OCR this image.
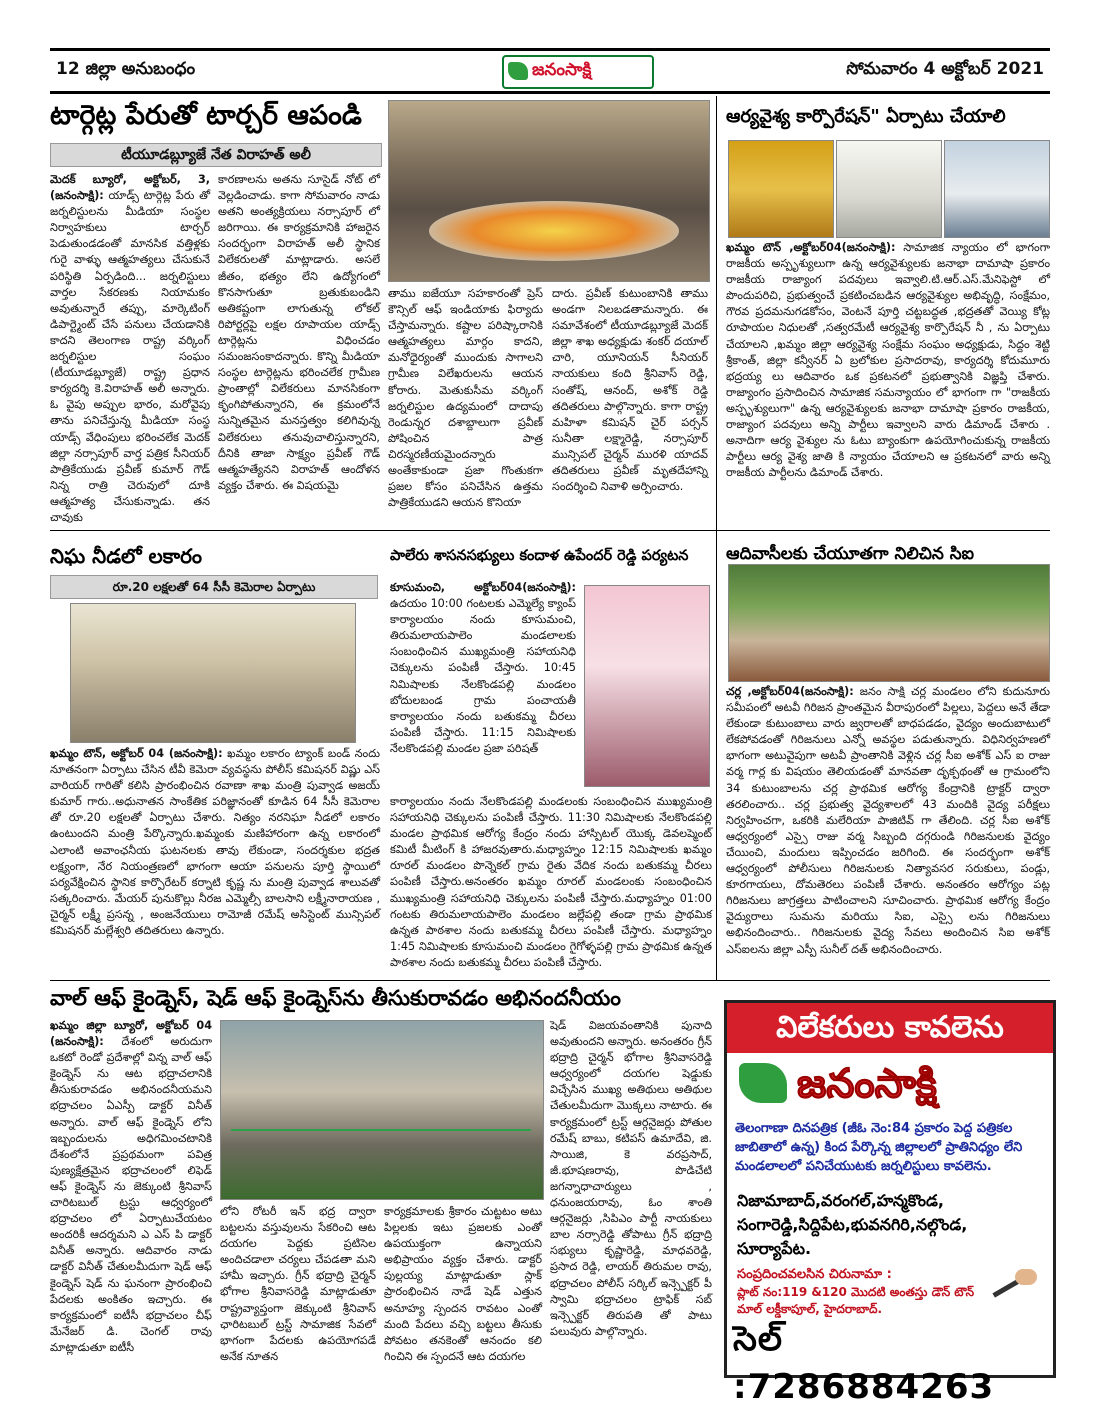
12 జిల్లా అనుబంధం	జనంసాక్షి	సోమవారం 4 అక్టోబర్ 2021
టార్గెట్ల పేరుతో టార్చర్ ఆపండి
టీయూడబ్ల్యూజే నేత విరాహత్ అలీ
మెదక్ బ్యూరో, అక్టోబర్, 3, (జనంసాక్షి): యాడ్స్ టార్గెట్ల పేరు తో జర్నలిస్టులను మీడియా సంస్థల నిర్వాహకులు టార్చర్ పెడుతుండడంతో మానసిక వత్తిళ్లకు గురై వాళ్ళు ఆత్మహత్యలు చేసుకునే పరిస్థితి ఏర్పడింది... జర్నలిస్టులు వార్తల సేకరణకు నియామకం అవుతున్నారే తప్పు, మార్కెటింగ్ డిపార్ట్మెంట్ చేసే పనులు చేయడానికి కాదని తెలంగాణ రాష్ట్ర వర్కింగ్ జర్నలిస్టుల సంఘం (టీయూడబ్ల్యూజే) రాష్ట్ర ప్రధాన కార్యదర్శి కె.విరాహత్ అలీ అన్నారు. ఓ వైపు అప్పుల భారం, మరోవైపు తాను పనిచేస్తున్న మీడియా సంస్థ యాడ్స్ వేధింపులు భరించలేక మెదక్ జిల్లా నర్సాపూర్ వార్త పత్రిక సీనియర్ పాత్రికేయుడు ప్రవీణ్ కుమార్ గౌడ్ నిన్న రాత్రి చెరువులో దూకి ఆత్మహత్య చేసుకున్నాడు. తన చావుకు
కారణాలను అతను సూసైడ్ నోట్ లో వెల్లడించాడు. కాగా సోమవారం నాడు అతని అంత్యక్రియలు నర్సాపూర్ లో జరిగాయి. ఈ కార్యక్రమానికి హాజరైన సందర్భంగా విరాహత్ అలీ స్థానిక విలేకరులతో మాట్లాడారు. అసలే జీతం, భత్యం లేని ఉద్యోగంలో కొనసాగుతూ బ్రతుకుబండిని అతికష్టంగా లాగుతున్న లోకల్ రిపోర్టర్లపై లక్షల రూపాయల యాడ్స్ టార్గెట్లను విధించడం సమంజసంకాదన్నారు. కొన్ని మీడియా సంస్థల టార్గెట్లను భరించలేక గ్రామీణ ప్రాంతాల్లో విలేకరులు మానసికంగా కృంగిపోతున్నారని, ఈ క్రమంలోనే సున్నితమైన మనస్తత్వం కలిగివున్న విలేకరులు తనువుచాలిస్తున్నారని, దీనికి తాజా సాక్ష్యం ప్రవీణ్ గౌడ్ ఆత్మహత్యేనని విరాహత్ ఆందోళన వ్యక్తం చేశారు. ఈ విషయమై
తాము ఐజేయూ సహకారంతో ప్రెస్ కౌన్సిల్ ఆఫ్ ఇండియాకు ఫిర్యాదు చేస్తామన్నారు. కష్టాల పరిష్కారానికి ఆత్మహత్యలు మార్గం కాదని, మనోధైర్యంతో ముందుకు సాగాలని గ్రామీణ విలేఖరులను ఆయన కోరారు. మెతుకుసీమ వర్కింగ్ జర్నలిస్టుల ఉద్యమంలో దాదాపు రెండున్నర దశాబ్దాలుగా ప్రవీణ్ పోషించిన పాత్ర చిరస్మరణీయమైందన్నారు అంతేకాకుండా ప్రజా గొంతుకగా ప్రజల కోసం పనిచేసిన ఉత్తమ పాత్రికేయుడని ఆయన కొనియా
దారు. ప్రవీణ్ కుటుంబానికి తాము అండగా నిలబడతామన్నారు. ఈ సమావేశంలో టీయూడబ్ల్యూజే మెదక్ జిల్లా శాఖ అధ్యక్షుడు శంకర్ దయాల్ చారి, యూనియన్ సీనియర్ నాయకులు కంది శ్రీనివాస్ రెడ్డి, సంతోష్, ఆనంద్, అశోక్ రెడ్డి తదితరులు పాల్గొన్నారు. కాగా రాష్ట్ర మహిళా కమిషన్ చైర్ పర్సన్ సునీతా లక్ష్మారెడ్డి, నర్సాపూర్ మున్సిపల్ చైర్మన్ మురళి యాదవ్ తదితరులు ప్రవీణ్ మృతదేహాన్ని సందర్శించి నివాళి అర్పించారు.
ఆర్యవైశ్య కార్పొరేషన్" ఏర్పాటు చేయాలి
ఖమ్మం టౌన్ ,అక్టోబర్04(జనంసాక్షి): సామాజిక న్యాయం లో భాగంగా రాజకీయ అస్పృశ్యులుగా ఉన్న ఆర్యవైశ్యులకు జనాభా దామాషా ప్రకారం రాజకీయ రాజ్యాంగ పదవులు ఇవ్వాలి.టి.ఆర్.ఎస్.మేనిఫెస్టో లో పొందుపరిచి, ప్రభుత్వంచే ప్రకటించబడిన ఆర్యవైశ్యుల అభివృద్ధి, సంక్షేమం, గౌరవ ప్రదమనుగడకోసం, వెంటనే పూర్తి చట్టబద్ధత ,భద్రతతో వెయ్యి కోట్ల రూపాయల నిధులతో ,సత్వరమేటీ ఆర్యవైశ్య కార్పొరేషన్ నీ , ను ఏర్పాటు చేయాలని ,ఖమ్మం జిల్లా ఆర్యవైశ్య సంక్షేమ సంఘం అధ్యక్షుడు, సిద్దం శెట్టి శ్రీకాంత్, జిల్లా కన్వీనర్ ఏ బ్రలోకుల ప్రసాదరావు, కార్యదర్శి కోదుమూరు భద్రయ్య లు ఆదివారం ఒక ప్రకటనలో ప్రభుత్వానికి విజ్ఞప్తి చేశారు. రాజ్యాంగం ప్రసాదించిన సామాజిక సమన్యాయం లో భాగంగా గా "రాజకీయ అస్పృశ్యులుగా" ఉన్న ఆర్యవైశ్యులకు జనాభా దామాషా ప్రకారం రాజకీయ, రాజ్యాంగ పదవులు అన్ని పార్టీలు ఇవ్వాలని వారు డిమాండ్ చేశారు . అనాదిగా ఆర్య వైశ్యుల ను ఓటు బ్యాంకుగా ఉపయోగించుకున్న రాజకీయ పార్టీలు ఆర్య వైశ్య జాతి కి న్యాయం చేయాలని ఆ ప్రకటనలో వారు అన్ని రాజకీయ పార్టీలను డిమాండ్ చేశారు.
నిఘ నీడలో లకారం
రూ.20 లక్షలతో 64 సీసీ కెమెరాల ఏర్పాటు
ఖమ్మం టౌన్, అక్టోబర్ 04 (జనంసాక్షి): ఖమ్మం లకారం ట్యాంక్ బండ్ నందు నూతనంగా ఏర్పాటు చేసిన టీవీ కెమెరా వ్యవస్థను పోలీస్ కమిషనర్ విష్ణు ఎస్ వారియర్ గారితో కలిసి ప్రారంభించిన రవాణా శాఖ మంత్రి పువ్వాడ అజయ్ కుమార్ గారు..అధునాతన సాంకేతిక పరిజ్ఞానంతో కూడిన 64 సీసీ కెమెరాల తో రూ.20 లక్షలతో ఏర్పాటు చేశారు. నిత్యం నరనిఘా నీడలో లకారం ఉంటుందని మంత్రి పేర్కొన్నారు.ఖమ్మంకు మణిహారంగా ఉన్న లకారంలో ఎలాంటి అవాంఛనీయ ఘటనలకు తావు లేకుండా, సందర్శకుల భద్రత లక్ష్యంగా, నేర నియంత్రణలో భాగంగా ఆయా పనులను పూర్తి స్థాయిలో పర్యవేక్షించిన స్థానిక కార్పొరేటర్ కర్నాటి కృష్ణ ను మంత్రి పువ్వాడ శాలువతో సత్కరించారు. మేయర్ పునుకొల్లు నీరజ ఎమ్మెల్సీ బాలసాని లక్ష్మీనారాయణ , చైర్మన్ లక్ష్మీ ప్రసన్న , అంజనేయులు రామోజీ రమేష్ అసిస్టెంట్ మున్సిపల్ కమిషనర్ మల్లేశ్వరి తదితరులు ఉన్నారు.
పాలేరు శాసనసభ్యులు కందాళ ఉపేందర్ రెడ్డి పర్యటన
కూసుమంచి, అక్టోబర్04(జనంసాక్షి): ఉదయం 10:00 గంటలకు ఎమ్మెల్యే క్యాంప్ కార్యాలయం నందు కూసుమంచి, తిరుమలాయపాలెం మండలాలకు సంబంధించిన ముఖ్యమంత్రి సహాయనిధి చెక్కులను పంపిణీ చేస్తారు. 10:45 నిమిషాలకు నేలకొండపల్లి మండలం బోదులబండ గ్రామ పంచాయతీ కార్యాలయం నందు బతుకమ్మ చీరలు పంపిణీ చేస్తారు. 11:15 నిమిషాలకు నేలకొండపల్లి మండల ప్రజా పరిషత్
కార్యాలయం నందు నేలకొండపల్లి మండలంకు సంబంధించిన ముఖ్యమంత్రి సహాయనిధి చెక్కులను పంపిణీ చేస్తారు. 11:30 నిమిషాలకు నేలకొండపల్లి మండల ప్రాథమిక ఆరోగ్య కేంద్రం నందు హాస్పిటల్ యొక్క డెవలప్మెంట్ కమిటీ మీటింగ్ కి హాజరవుతారు.మధ్యాహ్నం 12:15 నిమిషాలకు ఖమ్మం రూరల్ మండలం పొన్నెకల్ గ్రామ రైతు వేదిక నందు బతుకమ్మ చీరలు పంపిణీ చేస్తారు.అనంతరం ఖమ్మం రూరల్ మండలంకు సంబంధించిన ముఖ్యమంత్రి సహాయనిధి చెక్కులను పంపిణీ చేస్తారు.మధ్యాహ్నం 01:00 గంటకు తిరుమలాయపాలెం మండలం జల్లేపల్లి తండా గ్రామ ప్రాథమిక ఉన్నత పాఠశాల నందు బతుకమ్మ చీరలు పంపిణీ చేస్తారు. మధ్యాహ్నం 1:45 నిమిషాలకు కూసుమంచి మండలం గైగోళ్ళపల్లి గ్రామ ప్రాథమిక ఉన్నత పాఠశాల నందు బతుకమ్మ చీరలు పంపిణీ చేస్తారు.
ఆదివాసీలకు చేయూతగా నిలిచిన సిఐ
చర్ల ,అక్టోబర్04(జనంసాక్షి): జనం సాక్షి చర్ల మండలం లోని కుదునూరు సమీపంలో అటవీ గిరిజన ప్రాంతమైన వీరాపురంలో పిల్లలు, పెద్దలు అనే తేడా లేకుండా కుటుంబాలు వారు జ్వరాలతో బాధపడడం, వైద్యం అందుబాటులో లేకపోవడంతో గిరిజనులు ఎన్నో అవస్థల పడుతున్నారు. విధినిర్వహణలో భాగంగా అటువైపుగా అటవీ ప్రాంతానికి వెళ్లిన చర్ల సీఐ అశోక్ ఎస్ ఐ రాజు వర్మ గార్ల కు విషయం తెలియడంతో మానవతా దృక్పథంతో ఆ గ్రామంలోని 34 కుటుంబాలను చర్ల ప్రాథమిక ఆరోగ్య కేంద్రానికి ట్రాక్టర్ ద్వారా తరలించారు.. చర్ల ప్రభుత్వ వైద్యశాలలో 43 మందికి వైద్య పరీక్షలు నిర్వహించగా, ఒకరికి మలేరియా పాజిటివ్ గా తేలింది. చర్ల సీఐ అశోక్ ఆధ్వర్యంలో ఎస్సై రాజు వర్మ సిబ్బంది దగ్గరుండి గిరిజనులకు వైద్యం చేయించి, మందులు ఇప్పించడం జరిగింది. ఈ సందర్భంగా అశోక్ ఆధ్వర్యంలో పోలీసులు గిరిజనులకు నిత్యావసర సరుకులు, పండ్లు, కూరగాయలు, దోమతెరలు పంపిణీ చేశారు. అనంతరం ఆరోగ్యం పట్ల గిరిజనులు జాగ్రత్తలు పాటించాలని సూచించారు. ప్రాథమిక ఆరోగ్య కేంద్రం వైద్యురాలు సుమను మరియు సిఐ, ఎస్సై లను గిరిజనులు అభినందించారు.. గిరిజనులకు వైద్య సేవలు అందించిన సిఐ అశోక్ ఎస్ఐలను జిల్లా ఎస్పీ సునీల్ దత్ అభినందించారు.
వాల్ ఆఫ్ కైండ్నెస్, షెడ్ ఆఫ్ కైండ్నెస్‌ను తీసుకురావడం అభినందనీయం
ఖమ్మం జిల్లా బ్యూరో, అక్టోబర్ 04 (జనంసాక్షి): దేశంలో అరుదుగా ఒకటో రెండో ప్రదేశాల్లో విన్న వాల్ ఆఫ్ కైండ్నెస్ ను ఆట భద్రాచలానికి తీసుకురావడం అభినందనీయమని భద్రాచలం ఏఎస్పీ డాక్టర్ వినీత్ అన్నారు. వాల్ ఆఫ్ కైండ్నెస్ లోని ఇబ్బందులను అధిగమించటానికి దేశంలోనే ప్రప్రథమంగా పవిత్ర పుణ్యక్షేత్రమైన భద్రాచలంలో లిఫెడ్ ఆఫ్ కైండ్నెస్ ను జెక్కుంటి శ్రీనివాస్ చారిటబుల్ ట్రస్టు ఆధ్వర్యంలో భద్రాచలం లో ఏర్పాటుచేయటం అందరికీ ఆదర్శమని ఎ ఎస్ పి డాక్టర్ వినీత్ అన్నారు. ఆదివారం నాడు డాక్టర్ వినీత్ చేతులమీదుగా షెడ్ ఆఫ్ కైండ్నెస్ షెడ్ ను ఘనంగా ప్రారంభించి పేదలకు అంకితం ఇచ్చారు. ఈ కార్యక్రమంలో ఐటీసీ భద్రాచలం చీఫ్ మేనేజర్ డి. చెంగల్ రావు మాట్లాడుతూ ఐటీసీ
లోని రోటరీ ఇన్ భద్ర ద్వారా బట్టలను వస్తువులను సేకరించి ఆట దయగల పెద్దకు ప్రటిసెల అందిచడాలా చర్యలు చేపడతా మని హామీ ఇచ్చారు. గ్రీన్ భద్రాద్రి చైర్మన్ భోగాల శ్రీనివాసరెడ్డి మాట్లాడుతూ రాష్ట్రవ్యాప్తంగా జెక్కుంటి శ్రీనివాస్ ఛారిటబుల్ ట్రస్ట్ సామాజిక సేవలో భాగంగా పేదలకు ఉపయోగపడే అనేక నూతన
కార్యక్రమాలకు శ్రీకారం చుట్టటం అటు పిల్లలకు ఇటు ప్రజలకు ఎంతో ఉపయుక్తంగా ఉన్నాయని అభిప్రాయం వ్యక్తం చేశారు. డాక్టర్ పుల్లయ్య మాట్లాడుతూ స్లాక్ ప్రారంభించిన నాడే షెడ్ ఎత్తున అనూహ్య స్పందన రావటం ఎంతో మంది పేదలు వచ్చి బట్టలు తీసుకు పోవటం తనకెంతో ఆనందం కలి గించిని ఈ స్పందనే ఆట దయగల
షెడ్ విజయవంతానికి పునాది అవుతుందని అన్నారు. అనంతరం గ్రీన్ భద్రాద్రి చైర్మన్ భోగాల శ్రీనివాసరెడ్డి ఆధ్వర్యంలో దయగల షెడ్డుకు విచ్చేసిన ముఖ్య అతిథులు అతిథుల చేతులమీదుగా మొక్కలు నాటారు. ఈ కార్యక్రమంలో ట్రస్ట్ ఆర్గనైజర్లు పోతుల రమేష్ బాబు, కటిపస్ ఉమాదేవి, జి. సాయిజి, కె వరప్రసాద్, జీ.భూషణరావు, పొడిచేటి జగన్నాధాచార్యులు , ధనుంజయరావు, ఓం శాంతి ఆర్గనైజర్లు ,సిపిఎం పార్టీ నాయకులు బాల నర్సారెడ్డి తోపాటు గ్రీన్ భద్రాద్రి సభ్యులు కృష్ణారెడ్డి, మాధవరెడ్డి, ప్రసాద రెడ్డి, లాయర్ తిరుమల రావు, భద్రాచలం పోలీస్ సర్కిల్ ఇన్స్పెక్టర్ పీ స్వామి భద్రాచలం ట్రాఫిక్ సబ్ ఇన్స్పెక్టర్ తిరుపతి తో పాటు పలువురు పాల్గొన్నారు.
విలేకరులు కావలెను
జనంసాక్షి
తెలంగాణా దినపత్రిక (జీఓ నెం:84 ప్రకారం పెద్ద పత్రికల జాబితాలో ఉన్న) కింద పేర్కొన్న జిల్లాలలో ప్రాతినిధ్యం లేని మండలాలలో పనిచేయుటకు జర్నలిస్టులు కావలెను.
నిజామాబాద్,వరంగల్,హన్మకొండ, సంగారెడ్డి,సిద్దిపేట,భువనగిరి,నల్గొండ, సూర్యాపేట.
సంప్రదించవలసిన చిరునామా :
ప్లాట్ నం:119 &120 మొదటి అంతస్తు డౌన్ టౌన్ మాల్ లక్డీకాపూల్, హైదరాబాద్.
సెల్ :7286884263
